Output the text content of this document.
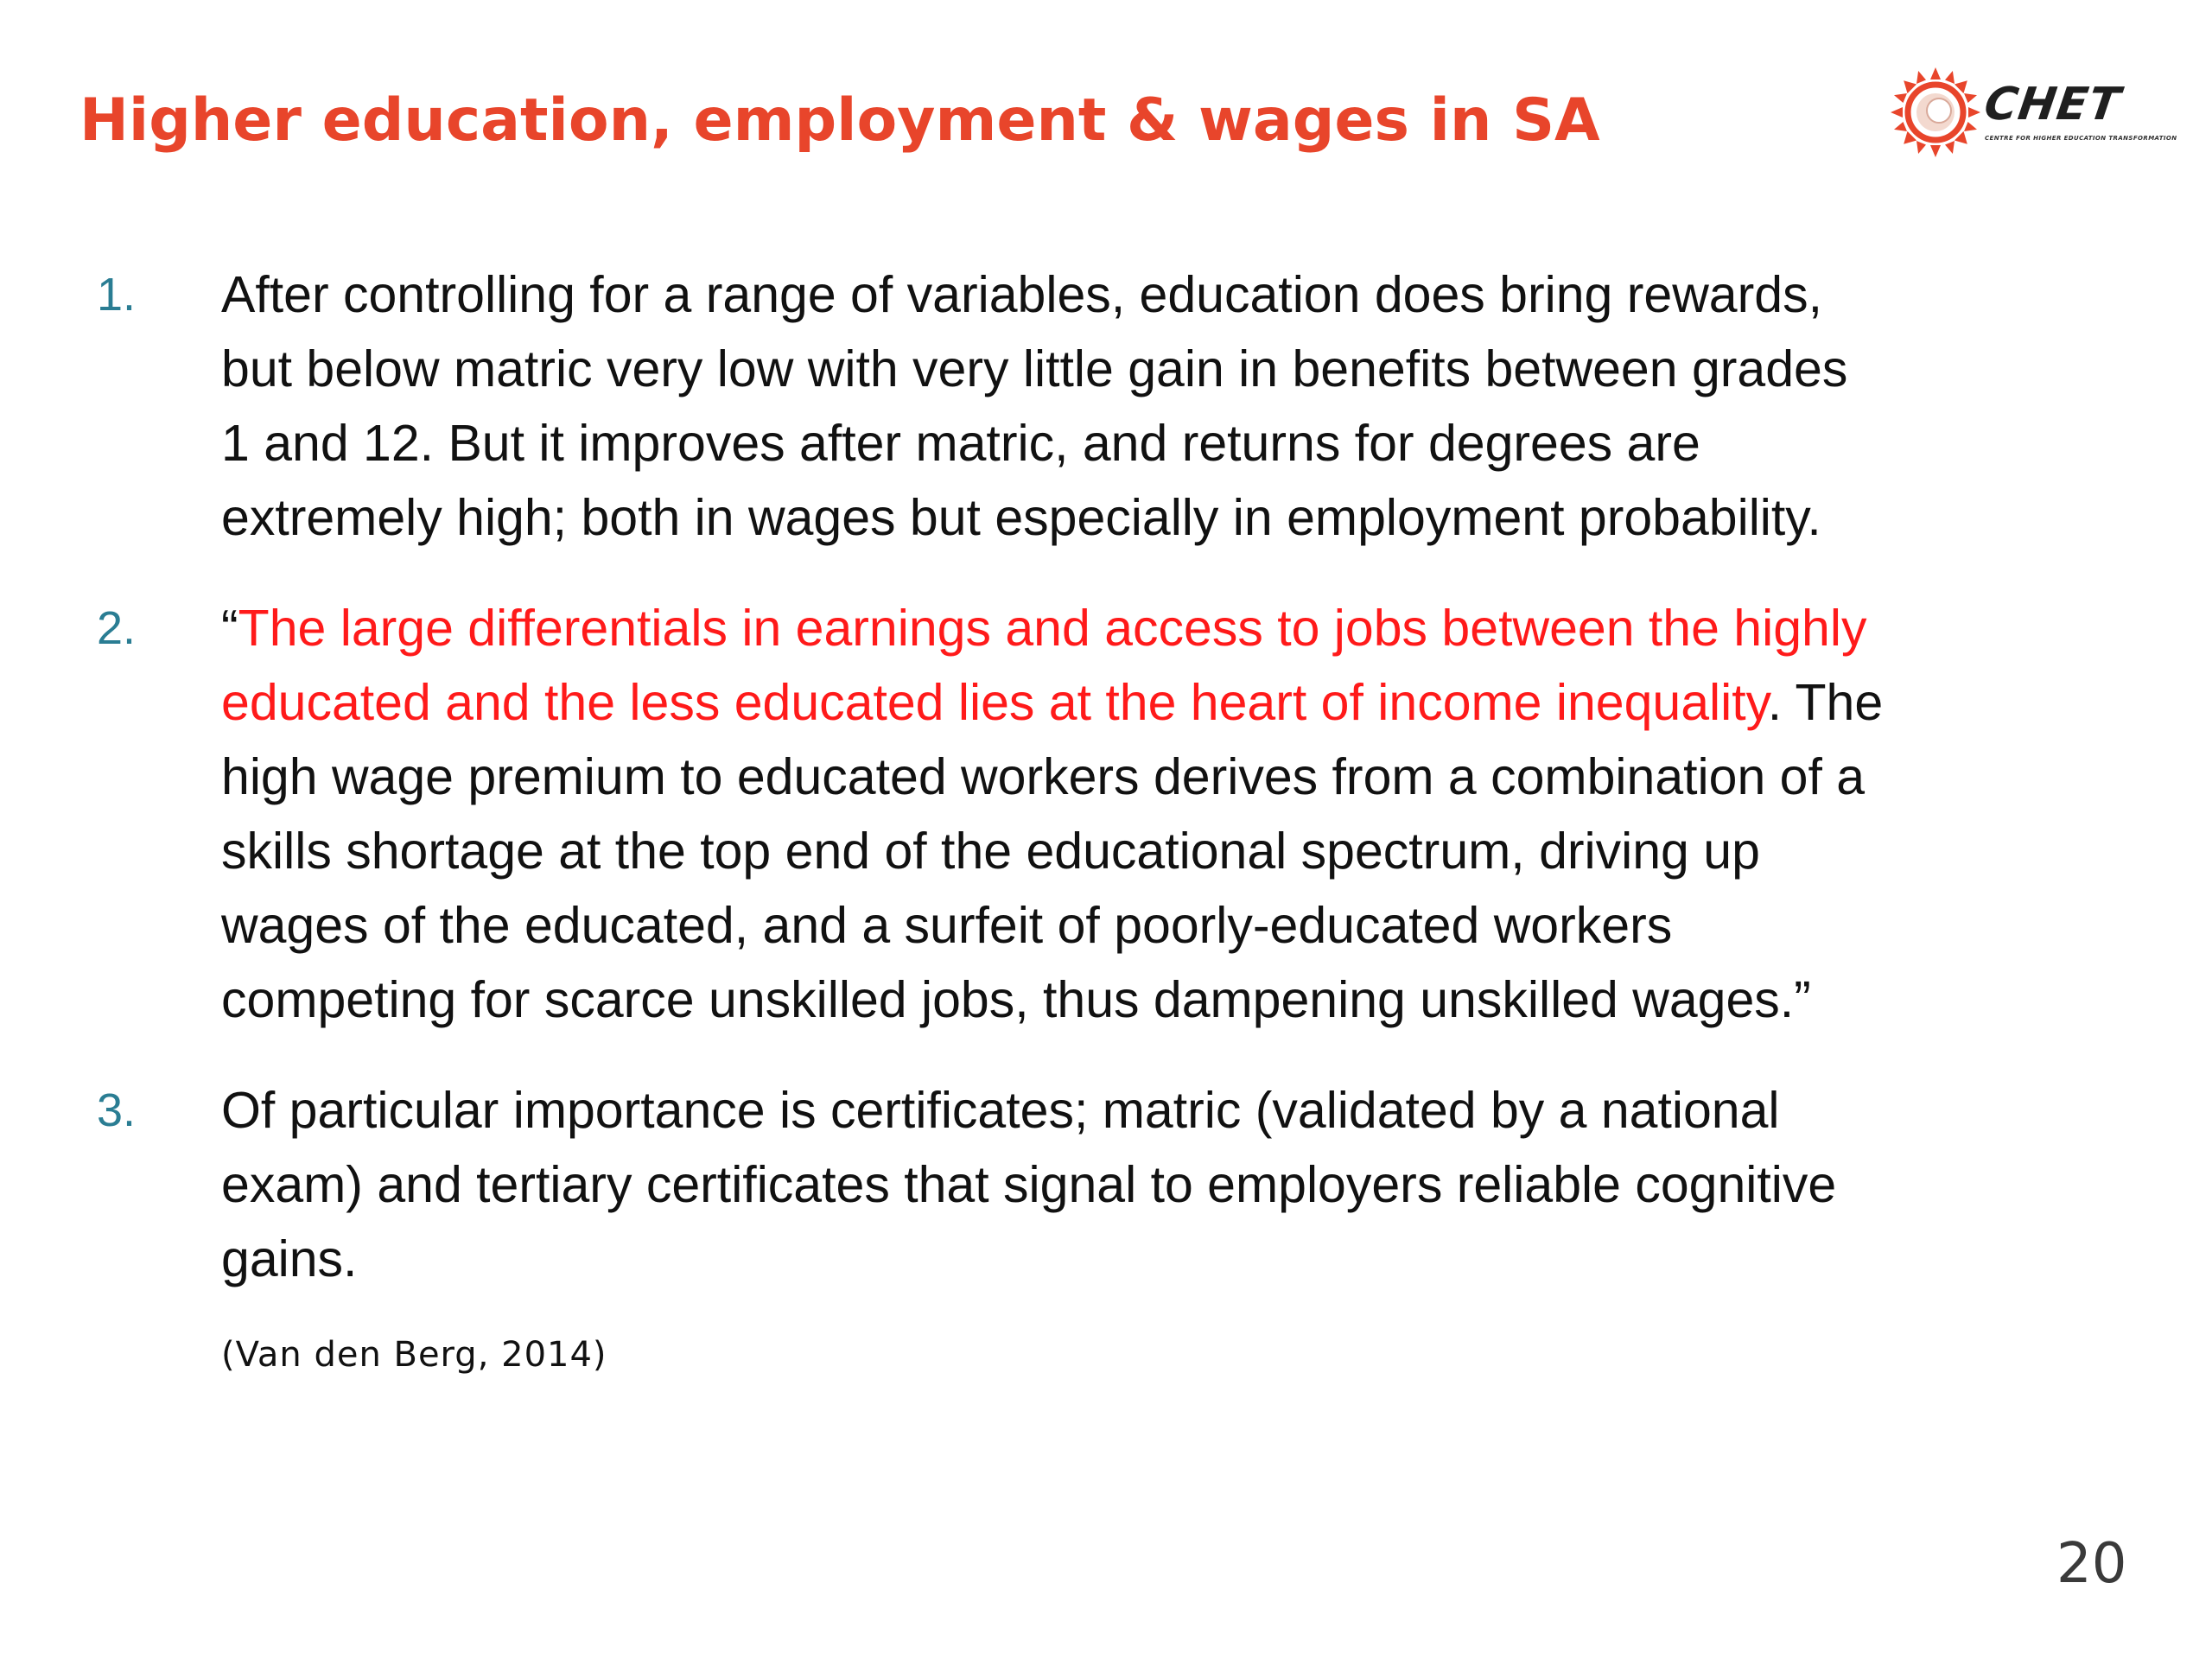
Higher education, employment & wages in SA	CHET
CENTRE FOR HIGHER EDUCATION TRANSFORMATION
1. After controlling for a range of variables, education does bring rewards,
but below matric very low with very little gain in benefits between grades
1 and 12. But it improves after matric, and returns for degrees are
extremely high; both in wages but especially in employment probability.
2. “The large differentials in earnings and access to jobs between the highly
educated and the less educated lies at the heart of income inequality. The
high wage premium to educated workers derives from a combination of a
skills shortage at the top end of the educational spectrum, driving up
wages of the educated, and a surfeit of poorly-educated workers
competing for scarce unskilled jobs, thus dampening unskilled wages.”
3. Of particular importance is certificates; matric (validated by a national
exam) and tertiary certificates that signal to employers reliable cognitive
gains.
(Van den Berg, 2014)
20
